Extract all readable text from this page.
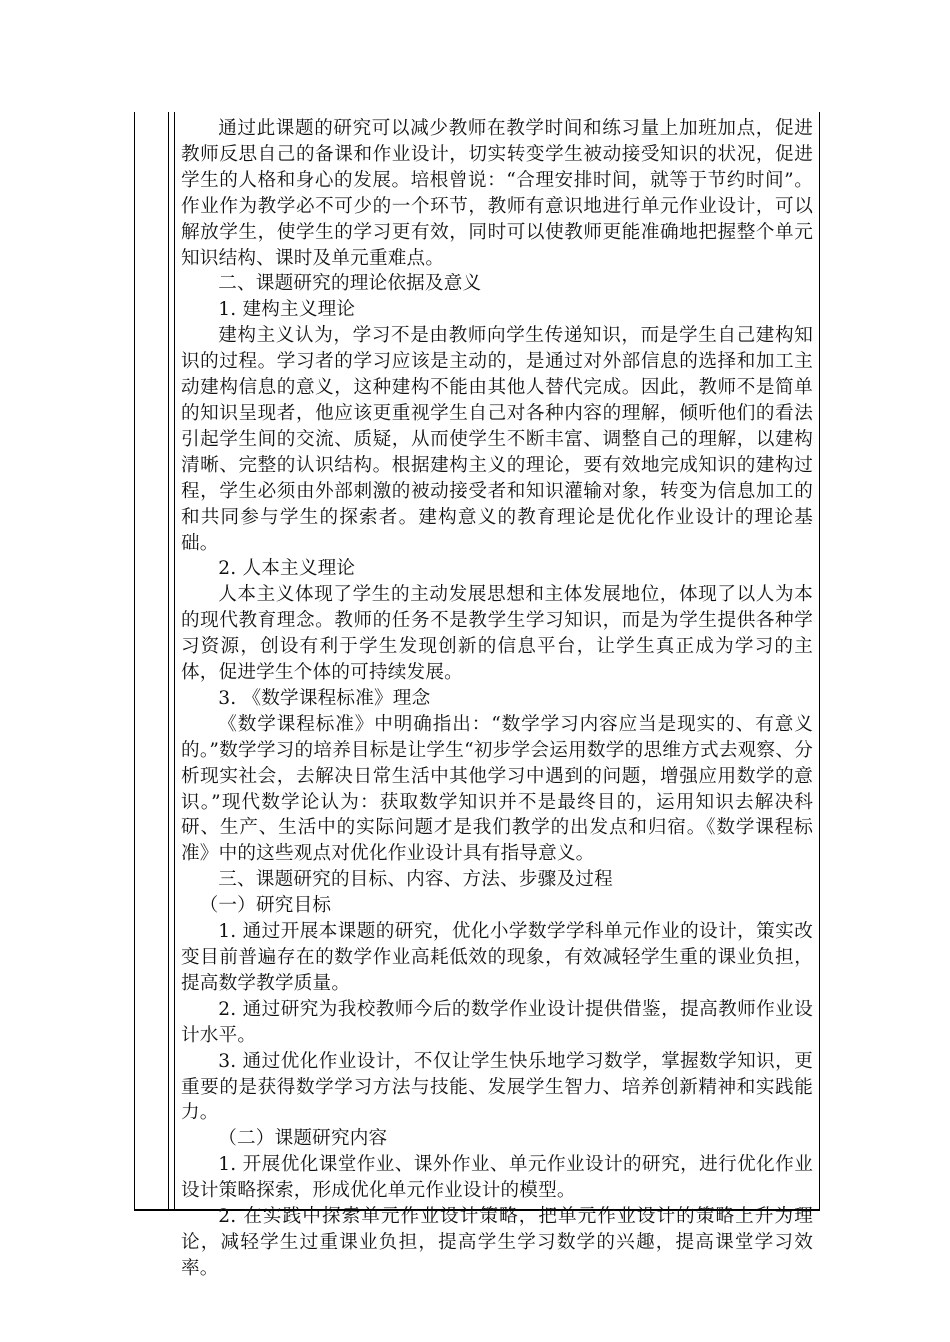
通过此课题的研究可以减少教师在教学时间和练习量上加班加点，促进教师反思自己的备课和作业设计，切实转变学生被动接受知识的状况，促进学生的人格和身心的发展。培根曾说：“合理安排时间，就等于节约时间”。作业作为教学必不可少的一个环节，教师有意识地进行单元作业设计，可以解放学生，使学生的学习更有效，同时可以使教师更能准确地把握整个单元知识结构、课时及单元重难点。

二、课题研究的理论依据及意义

1. 建构主义理论

建构主义认为，学习不是由教师向学生传递知识，而是学生自己建构知识的过程。学习者的学习应该是主动的，是通过对外部信息的选择和加工主动建构信息的意义，这种建构不能由其他人替代完成。因此，教师不是简单的知识呈现者，他应该更重视学生自己对各种内容的理解，倾听他们的看法引起学生间的交流、质疑，从而使学生不断丰富、调整自己的理解，以建构清晰、完整的认识结构。根据建构主义的理论，要有效地完成知识的建构过程，学生必须由外部刺激的被动接受者和知识灌输对象，转变为信息加工的和共同参与学生的探索者。建构意义的教育理论是优化作业设计的理论基础。

2. 人本主义理论

人本主义体现了学生的主动发展思想和主体发展地位，体现了以人为本的现代教育理念。教师的任务不是教学生学习知识，而是为学生提供各种学习资源，创设有利于学生发现创新的信息平台，让学生真正成为学习的主体，促进学生个体的可持续发展。

3. 《数学课程标准》理念

《数学课程标准》中明确指出：“数学学习内容应当是现实的、有意义的。”数学学习的培养目标是让学生“初步学会运用数学的思维方式去观察、分析现实社会，去解决日常生活中其他学习中遇到的问题，增强应用数学的意识。”现代数学论认为：获取数学知识并不是最终目的，运用知识去解决科研、生产、生活中的实际问题才是我们教学的出发点和归宿。《数学课程标准》中的这些观点对优化作业设计具有指导意义。

三、课题研究的目标、内容、方法、步骤及过程

（一）研究目标

1. 通过开展本课题的研究，优化小学数学学科单元作业的设计，策实改变目前普遍存在的数学作业高耗低效的现象，有效减轻学生重的课业负担，提高数学教学质量。

2. 通过研究为我校教师今后的数学作业设计提供借鉴，提高教师作业设计水平。

3. 通过优化作业设计，不仅让学生快乐地学习数学，掌握数学知识，更重要的是获得数学学习方法与技能、发展学生智力、培养创新精神和实践能力。

（二）课题研究内容

1. 开展优化课堂作业、课外作业、单元作业设计的研究，进行优化作业设计策略探索，形成优化单元作业设计的模型。

2. 在实践中探索单元作业设计策略，把单元作业设计的策略上升为理论，减轻学生过重课业负担，提高学生学习数学的兴趣，提高课堂学习效率。
